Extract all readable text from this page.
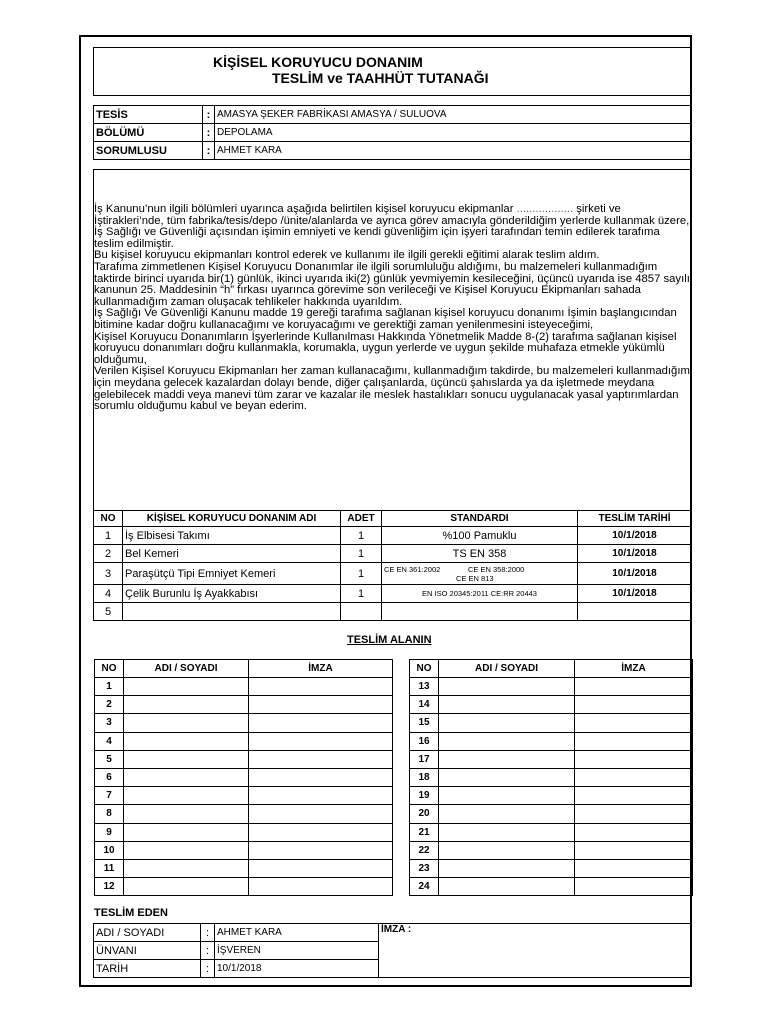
KİŞİSEL KORUYUCU DONANIM
TESLİM ve TAAHHÜT TUTANAĞI
TESİS	:	AMASYA ŞEKER FABRİKASI AMASYA / SULUOVA
BÖLÜMÜ	:	DEPOLAMA
SORUMLUSU	:	AHMET KARA

İş Kanunu’nun ilgili bölümleri uyarınca aşağıda belirtilen kişisel koruyucu ekipmanlar .................. şirketi ve İştirakleri’nde, tüm fabrika/tesis/depo /ünite/alanlarda ve ayrıca görev amacıyla gönderildiğim yerlerde kullanmak üzere, İş Sağlığı ve Güvenliği açısından işimin emniyeti ve kendi güvenliğim için işyeri tarafından temin edilerek tarafıma teslim edilmiştir.

Bu kişisel koruyucu ekipmanları kontrol ederek ve kullanımı ile ilgili gerekli eğitimi alarak teslim aldım.

Tarafıma zimmetlenen Kişisel Koruyucu Donanımlar ile ilgili sorumluluğu aldığımı, bu malzemeleri kullanmadığım taktirde birinci uyarıda bir(1) günlük, ikinci uyarıda iki(2) günlük yevmiyemin kesileceğini, üçüncü uyarıda ise 4857 sayılı kanunun 25. Maddesinin “h” fırkası uyarınca görevime son verileceği ve Kişisel Koruyucu Ekipmanları sahada kullanmadığım zaman oluşacak tehlikeler hakkında uyarıldım.

İş Sağlığı Ve Güvenliği Kanunu madde 19 gereği tarafıma sağlanan kişisel koruyucu donanımı İşimin başlangıcından bitimine kadar doğru kullanacağımı ve koruyacağımı ve gerektiği zaman yenilenmesini isteyeceğimi,

Kişisel Koruyucu Donanımların İşyerlerinde Kullanılması Hakkında Yönetmelik Madde 8-(2) tarafıma sağlanan kişisel koruyucu donanımları doğru kullanmakla, korumakla, uygun yerlerde ve uygun şekilde muhafaza etmekle yükümlü olduğumu,

Verilen Kişisel Koruyucu Ekipmanları her zaman kullanacağımı, kullanmadığım takdirde, bu malzemeleri kullanmadığım için meydana gelecek kazalardan dolayı bende, diğer çalışanlarda, üçüncü şahıslarda ya da işletmede meydana gelebilecek maddi veya manevi tüm zarar ve kazalar ile meslek hastalıkları sonucu uygulanacak yasal yaptırımlardan sorumlu olduğumu kabul ve beyan ederim.

NO	KİŞİSEL KORUYUCU DONANIM ADI	ADET	STANDARDI	TESLİM TARİHİ
1	İş Elbisesi Takımı	1	%100 Pamuklu	10/1/2018
2	Bel Kemeri	1	TS EN 358	10/1/2018
3	Paraşütçü Tipi Emniyet Kemeri	1	CE EN 361:2002 CE EN 358:2000
CE EN 813	10/1/2018
4	Çelik Burunlu İş Ayakkabısı	1	EN ISO 20345:2011 CE:RR 20443	10/1/2018
5				
TESLİM ALANIN
NO	ADI / SOYADI	İMZA
1		
2		
3		
4		
5		
6		
7		
8		
9		
10		
11		
12		
NO	ADI / SOYADI	İMZA
13		
14		
15		
16		
17		
18		
19		
20		
21		
22		
23		
24		
TESLİM EDEN
ADI / SOYADI	:	AHMET KARA	İMZA :
ÜNVANI	:	İŞVEREN	
TARİH	:	10/1/2018	
